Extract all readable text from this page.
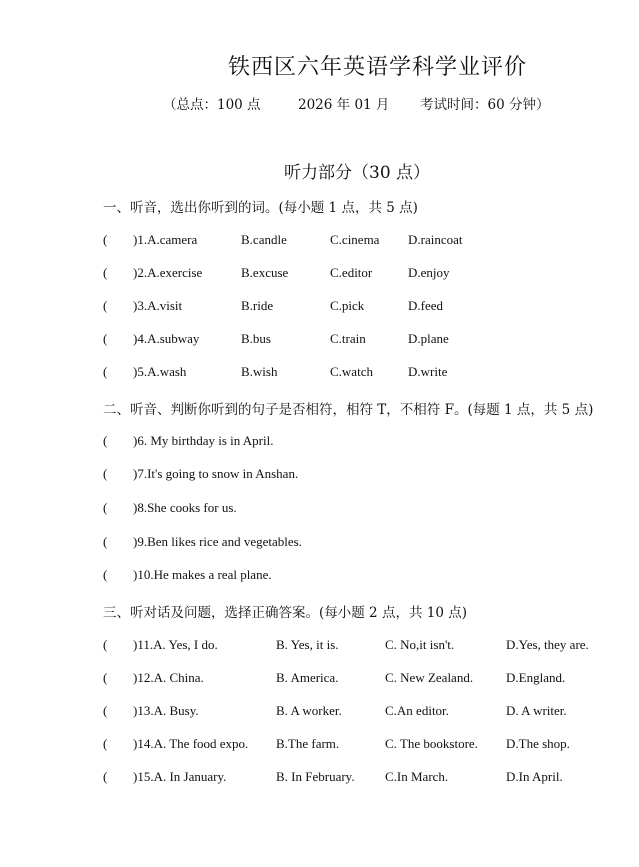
铁西区六年英语学科学业评价
（总点：100 点	2026 年 01 月 考试时间：60 分钟）
听力部分（30 点）
一、听音，选出你听到的词。(每小题 1 点，共 5 点)
( )1.A.camera	B.candle	C.cinema D.raincoat
( )2.A.exercise	B.excuse	C.editor	D.enjoy
( )3.A.visit	B.ride	C.pick	D.feed
( )4.A.subway	B.bus	C.train	D.plane
( )5.A.wash	B.wish	C.watch	D.write
二、听音、判断你听到的句子是否相符，相符 T，不相符 F。(每题 1 点，共 5 点)
( )6. My birthday is in April.
( )7.It's going to snow in Anshan.
( )8.She cooks for us.
( )9.Ben likes rice and vegetables.
( )10.He makes a real plane.
三、听对话及问题，选择正确答案。(每小题 2 点，共 10 点)
( )11.A. Yes, I do.	B. Yes, it is.	C. No,it isn't.	D.Yes, they are.
( )12.A. China.	B. America.	C. New Zealand.	D.England.
( )13.A. Busy.	B. A worker.	C.An editor.	D. A writer.
( )14.A. The food expo. B.The farm.	C. The bookstore. D.The shop.
( )15.A. In January.	B. In February. C.In March.	D.In April.
